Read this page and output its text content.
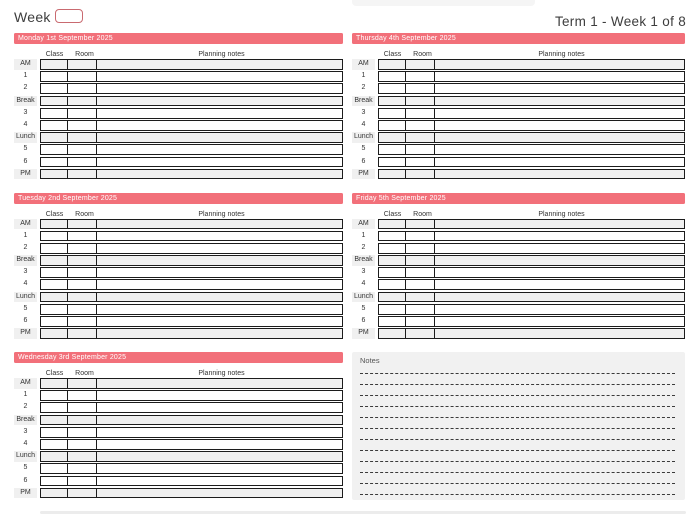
Week	Term 1 - Week 1 of 8
Monday 1st September 2025
Class	Room	Planning notes
AM
1
2
Break
3
4
Lunch
5
6
PM
Tuesday 2nd September 2025
Class	Room	Planning notes
AM
1
2
Break
3
4
Lunch
5
6
PM
Wednesday 3rd September 2025
Class	Room	Planning notes
AM
1
2
Break
3
4
Lunch
5
6
PM
Notes
Thursday 4th September 2025
Class	Room	Planning notes
AM
1
2
Break
3
4
Lunch
5
6
PM
Friday 5th September 2025
Class	Room	Planning notes
AM
1
2
Break
3
4
Lunch
5
6
PM
